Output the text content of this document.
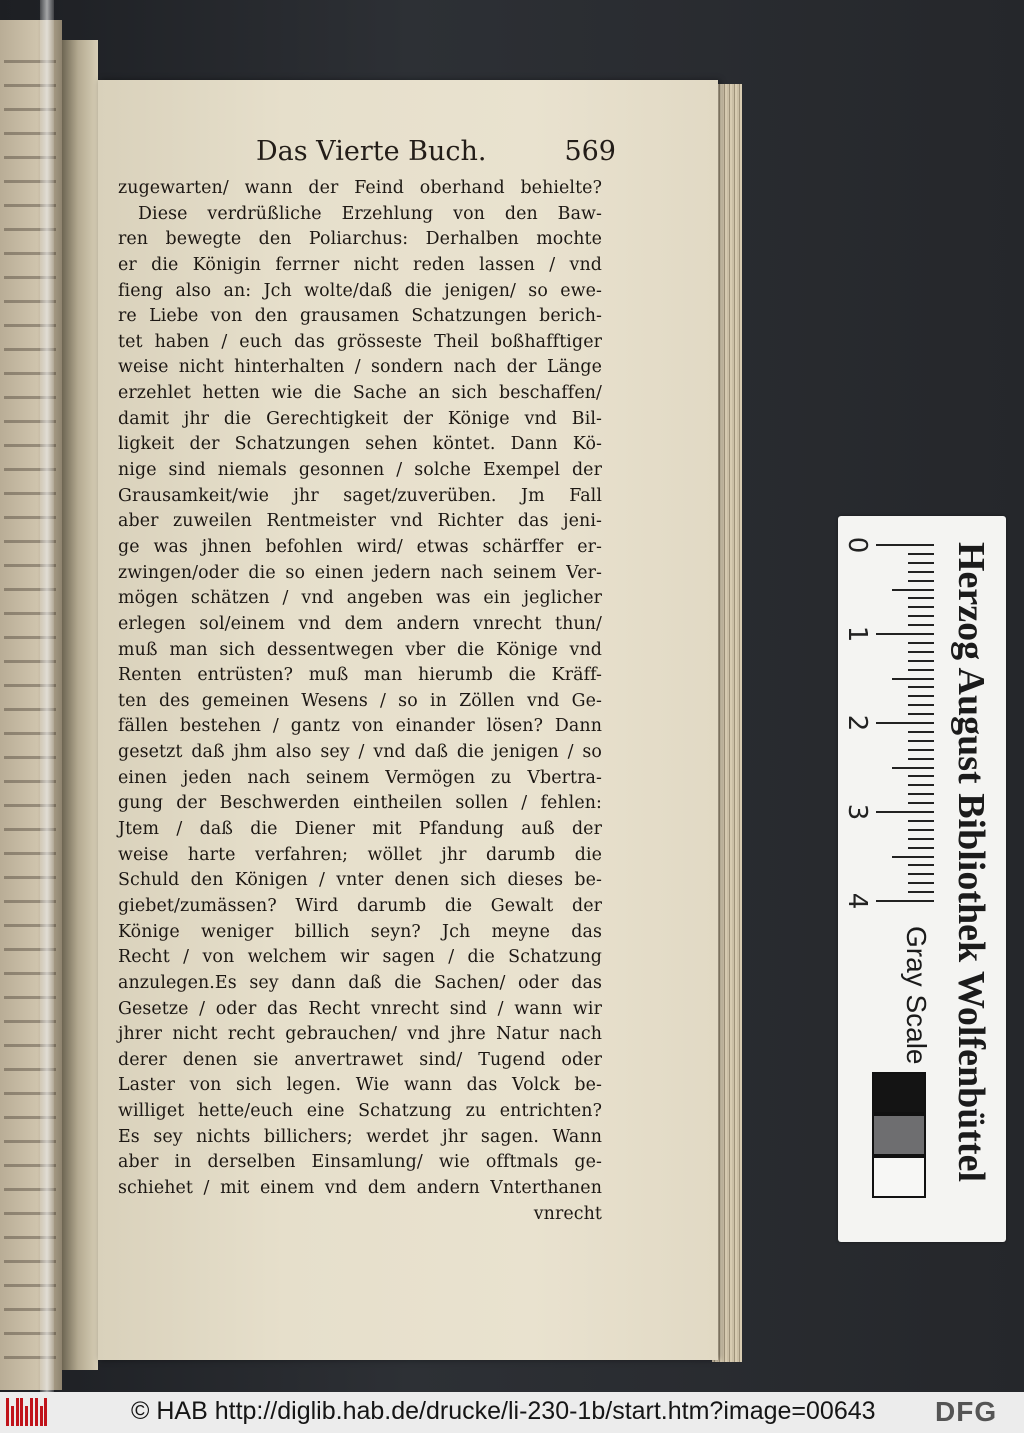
Das Vierte Buch.	569
zugewarten/ wann der Feind oberhand behielte?
Diese verdrüßliche Erzehlung von den Baw-
ren bewegte den Poliarchus: Derhalben mochte
er die Königin ferrner nicht reden lassen / vnd
fieng also an: Jch wolte/daß die jenigen/ so ewe-
re Liebe von den grausamen Schatzungen berich-
tet haben / euch das grösseste Theil boßhafftiger
weise nicht hinterhalten / sondern nach der Länge
erzehlet hetten wie die Sache an sich beschaffen/
damit jhr die Gerechtigkeit der Könige vnd Bil-
ligkeit der Schatzungen sehen köntet. Dann Kö-
nige sind niemals gesonnen / solche Exempel der
Grausamkeit/wie jhr saget/zuverüben. Jm Fall
aber zuweilen Rentmeister vnd Richter das jeni-
ge was jhnen befohlen wird/ etwas schärffer er-
zwingen/oder die so einen jedern nach seinem Ver-
mögen schätzen / vnd angeben was ein jeglicher
erlegen sol/einem vnd dem andern vnrecht thun/
muß man sich dessentwegen vber die Könige vnd
Renten entrüsten? muß man hierumb die Kräff-
ten des gemeinen Wesens / so in Zöllen vnd Ge-
fällen bestehen / gantz von einander lösen? Dann
gesetzt daß jhm also sey / vnd daß die jenigen / so
einen jeden nach seinem Vermögen zu Vbertra-
gung der Beschwerden eintheilen sollen / fehlen:
Jtem / daß die Diener mit Pfandung auß der
weise harte verfahren; wöllet jhr darumb die
Schuld den Königen / vnter denen sich dieses be-
giebet/zumässen? Wird darumb die Gewalt der
Könige weniger billich seyn? Jch meyne das
Recht / von welchem wir sagen / die Schatzung
anzulegen.Es sey dann daß die Sachen/ oder das
Gesetze / oder das Recht vnrecht sind / wann wir
jhrer nicht recht gebrauchen/ vnd jhre Natur nach
derer denen sie anvertrawet sind/ Tugend oder
Laster von sich legen. Wie wann das Volck be-
williget hette/euch eine Schatzung zu entrichten?
Es sey nichts billichers; werdet jhr sagen. Wann
aber in derselben Einsamlung/ wie offtmals ge-
schiehet / mit einem vnd dem andern Vnterthanen
vnrecht
0
1
2
3
4 Herzog August Bibliothek Wolfenbüttel
Gray Scale
© HAB http://diglib.hab.de/drucke/li-230-1b/start.htm?image=00643 DFG
